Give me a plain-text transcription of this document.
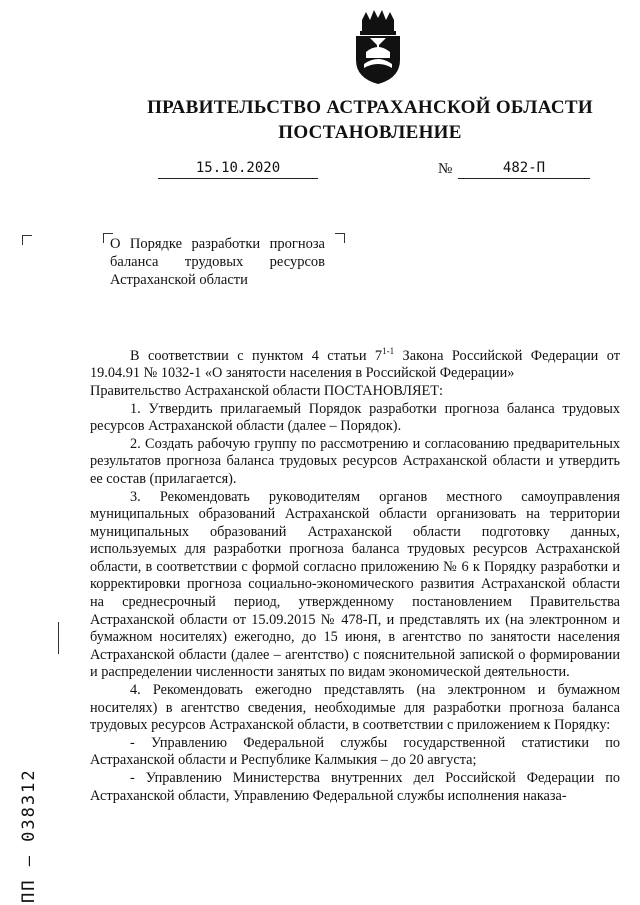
ПРАВИТЕЛЬСТВО АСТРАХАНСКОЙ ОБЛАСТИ
ПОСТАНОВЛЕНИЕ
15.10.2020	№	482-П
О Порядке разработки прогноза баланса трудовых ресурсов Астраханской области

В соответствии с пунктом 4 статьи 7$^{1-1}$ Закона Российской Федерации от 19.04.91 № 1032-1 «О занятости населения в Российской Федерации»

Правительство Астраханской области ПОСТАНОВЛЯЕТ:

1. Утвердить прилагаемый Порядок разработки прогноза баланса трудовых ресурсов Астраханской области (далее – Порядок).

2. Создать рабочую группу по рассмотрению и согласованию предварительных результатов прогноза баланса трудовых ресурсов Астраханской области и утвердить ее состав (прилагается).

3. Рекомендовать руководителям органов местного самоуправления муниципальных образований Астраханской области организовать на территории муниципальных образований Астраханской области подготовку данных, используемых для разработки прогноза баланса трудовых ресурсов Астраханской области, в соответствии с формой согласно приложению № 6 к Порядку разработки и корректировки прогноза социально-экономического развития Астраханской области на среднесрочный период, утвержденному постановлением Правительства Астраханской области от 15.09.2015 № 478-П, и представлять их (на электронном и бумажном носителях) ежегодно, до 15 июня, в агентство по занятости населения Астраханской области (далее – агентство) с пояснительной запиской о формировании и распределении численности занятых по видам экономической деятельности.

4. Рекомендовать ежегодно представлять (на электронном и бумажном носителях) в агентство сведения, необходимые для разработки прогноза баланса трудовых ресурсов Астраханской области, в соответствии с приложением к Порядку:

- Управлению Федеральной службы государственной статистики по Астраханской области и Республике Калмыкия – до 20 августа;

- Управлению Министерства внутренних дел Российской Федерации по Астраханской области, Управлению Федеральной службы исполнения наказа-

ПП – 038312
